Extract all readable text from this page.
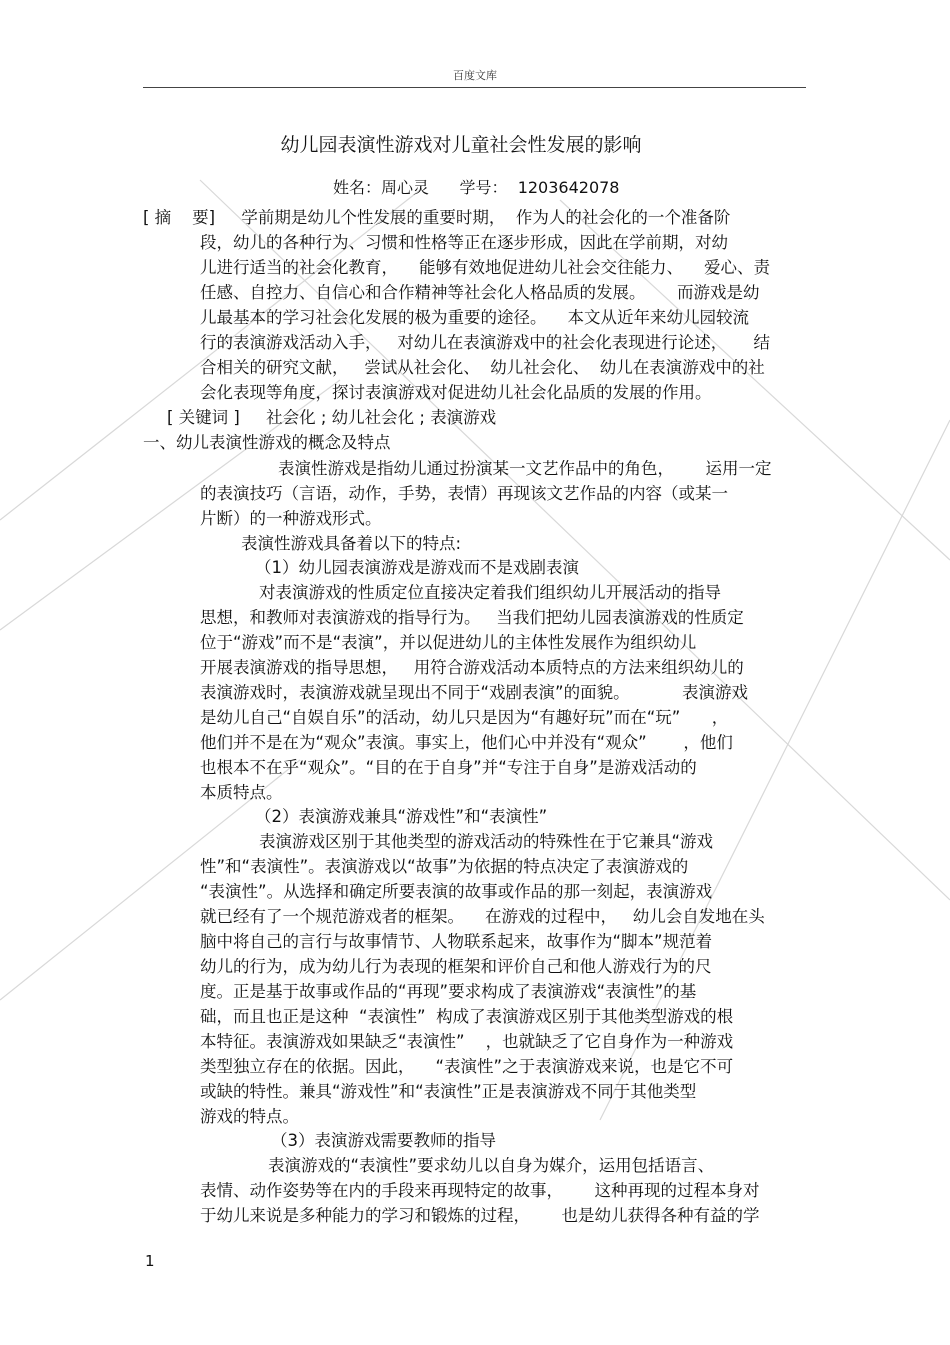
百度文库
幼儿园表演性游戏对儿童社会性发展的影响
姓名：周心灵      学号：  1203642078
[ 摘    要]     学前期是幼儿个性发展的重要时期，  作为人的社会化的一个准备阶
段，幼儿的各种行为、习惯和性格等正在逐步形成，因此在学前期，对幼
儿进行适当的社会化教育，    能够有效地促进幼儿社会交往能力、    爱心、责
任感、自控力、自信心和合作精神等社会化人格品质的发展。      而游戏是幼
儿最基本的学习社会化发展的极为重要的途径。    本文从近年来幼儿园较流
行的表演游戏活动入手，   对幼儿在表演游戏中的社会化表现进行论述，     结
合相关的研究文献，   尝试从社会化、  幼儿社会化、  幼儿在表演游戏中的社
会化表现等角度，探讨表演游戏对促进幼儿社会化品质的发展的作用。
[ 关键词 ]     社会化 ; 幼儿社会化 ; 表演游戏
一、幼儿表演性游戏的概念及特点
表演性游戏是指幼儿通过扮演某一文艺作品中的角色，      运用一定
的表演技巧（言语，动作，手势，表情）再现该文艺作品的内容（或某一
片断）的一种游戏形式。
表演性游戏具备着以下的特点:
（1）幼儿园表演游戏是游戏而不是戏剧表演
对表演游戏的性质定位直接决定着我们组织幼儿开展活动的指导
思想，和教师对表演游戏的指导行为。   当我们把幼儿园表演游戏的性质定
位于“游戏”而不是“表演”，并以促进幼儿的主体性发展作为组织幼儿
开展表演游戏的指导思想，   用符合游戏活动本质特点的方法来组织幼儿的
表演游戏时，表演游戏就呈现出不同于“戏剧表演”的面貌。          表演游戏
是幼儿自己“自娱自乐”的活动，幼儿只是因为“有趣好玩”而在“玩”      ，
他们并不是在为“观众”表演。事实上，他们心中并没有“观众”       ，他们
也根本不在乎“观众”。“目的在于自身”并“专注于自身”是游戏活动的
本质特点。
（2）表演游戏兼具“游戏性”和“表演性”
表演游戏区别于其他类型的游戏活动的特殊性在于它兼具“游戏
性”和“表演性”。表演游戏以“故事”为依据的特点决定了表演游戏的
“表演性”。从选择和确定所要表演的故事或作品的那一刻起，表演游戏
就已经有了一个规范游戏者的框架。    在游戏的过程中，   幼儿会自发地在头
脑中将自己的言行与故事情节、人物联系起来，故事作为“脚本”规范着
幼儿的行为，成为幼儿行为表现的框架和评价自己和他人游戏行为的尺
度。正是基于故事或作品的“再现”要求构成了表演游戏“表演性”的基
础，而且也正是这种  “表演性”  构成了表演游戏区别于其他类型游戏的根
本特征。表演游戏如果缺乏“表演性”    ，也就缺乏了它自身作为一种游戏
类型独立存在的依据。因此，    “表演性”之于表演游戏来说，也是它不可
或缺的特性。兼具“游戏性”和“表演性”正是表演游戏不同于其他类型
游戏的特点。
（3）表演游戏需要教师的指导
表演游戏的“表演性”要求幼儿以自身为媒介，运用包括语言、
表情、动作姿势等在内的手段来再现特定的故事，      这种再现的过程本身对
于幼儿来说是多种能力的学习和锻炼的过程，      也是幼儿获得各种有益的学
1
